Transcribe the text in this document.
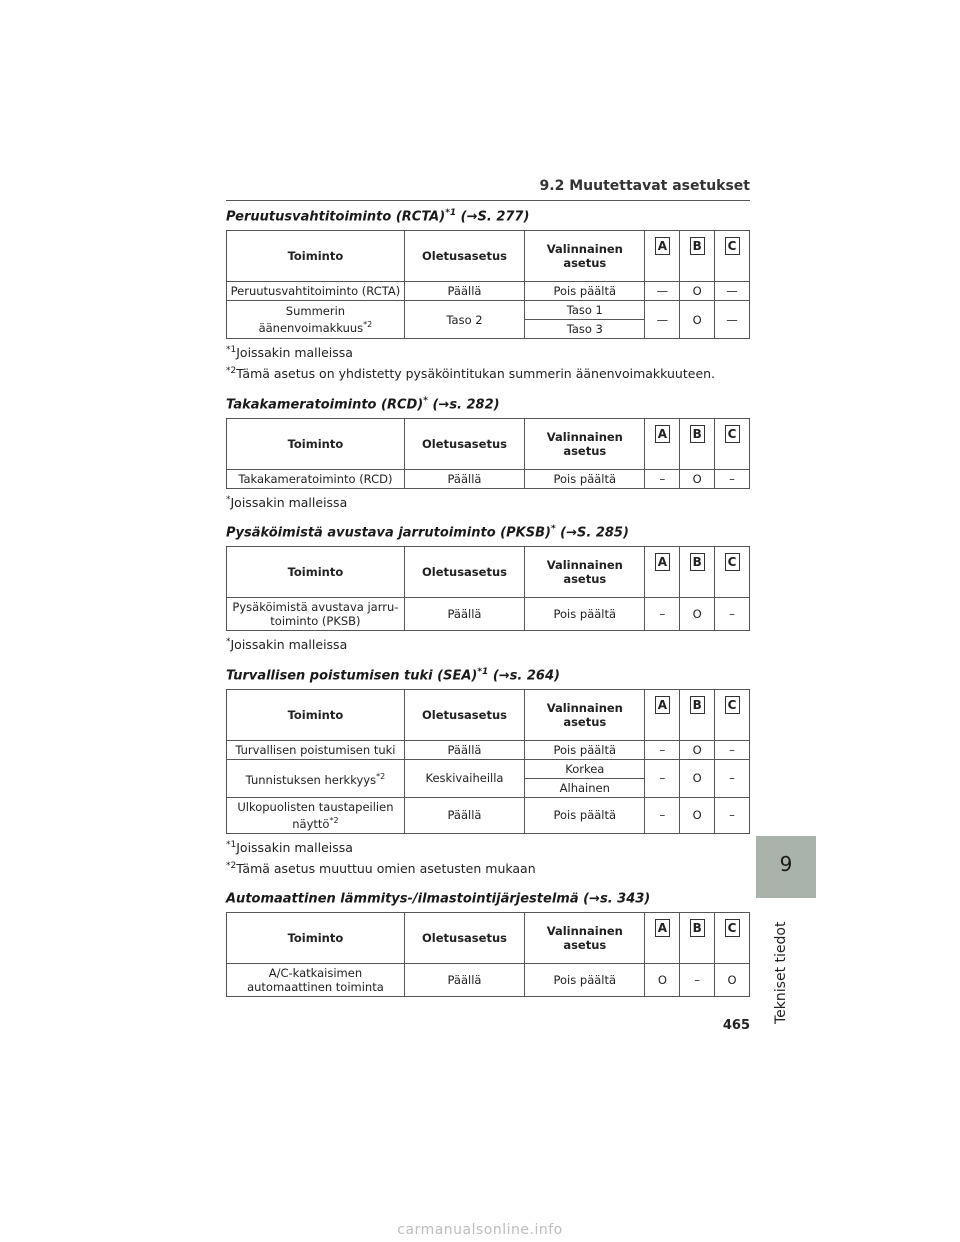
9.2 Muutettavat asetukset
9
Tekniset tiedot
465
Peruutusvahtitoiminto (RCTA)$^{*1}$ (→S. 277)
Toiminto	Oletusasetus	Valinnainen asetus	A	B	C
Peruutusvahtitoiminto (RCTA)	Päällä	Pois päältä	—	O	—
Summerin äänenvoimakkuus$^{*2}$	Taso 2	Taso 1	—	O	—
		Taso 3			
$^{*1}$Joissakin malleissa
$^{*2}$Tämä asetus on yhdistetty pysäköintitukan summerin äänenvoimakkuuteen.
Takakameratoiminto (RCD)* (→s. 282)
Toiminto	Oletusasetus	Valinnainen asetus	A	B	C
Takakameratoiminto (RCD)	Päällä	Pois päältä	–	O	–
*Joissakin malleissa
Pysäköimistä avustava jarrutoiminto (PKSB)* (→S. 285)
Toiminto	Oletusasetus	Valinnainen asetus	A	B	C
Pysäköimistä avustava jarru-toiminto (PKSB)	Päällä	Pois päältä	–	O	–
*Joissakin malleissa
Turvallisen poistumisen tuki (SEA)$^{*1}$ (→s. 264)
Toiminto	Oletusasetus	Valinnainen asetus	A	B	C
Turvallisen poistumisen tuki	Päällä	Pois päältä	–	O	–
Tunnistuksen herkkyys$^{*2}$	Keskivaiheilla	Korkea	–	O	–
		Alhainen			
Ulkopuolisten taustapeilien näyttö$^{*2}$	Päällä	Pois päältä	–	O	–
$^{*1}$Joissakin malleissa
$^{*2}$Tämä asetus muuttuu omien asetusten mukaan
Automaattinen lämmitys-/ilmastointijärjestelmä (→s. 343)
Toiminto	Oletusasetus	Valinnainen asetus	A	B	C
A/C-katkaisimen automaattinen toiminta	Päällä	Pois päältä	O	–	O
carmanualsonline.info
